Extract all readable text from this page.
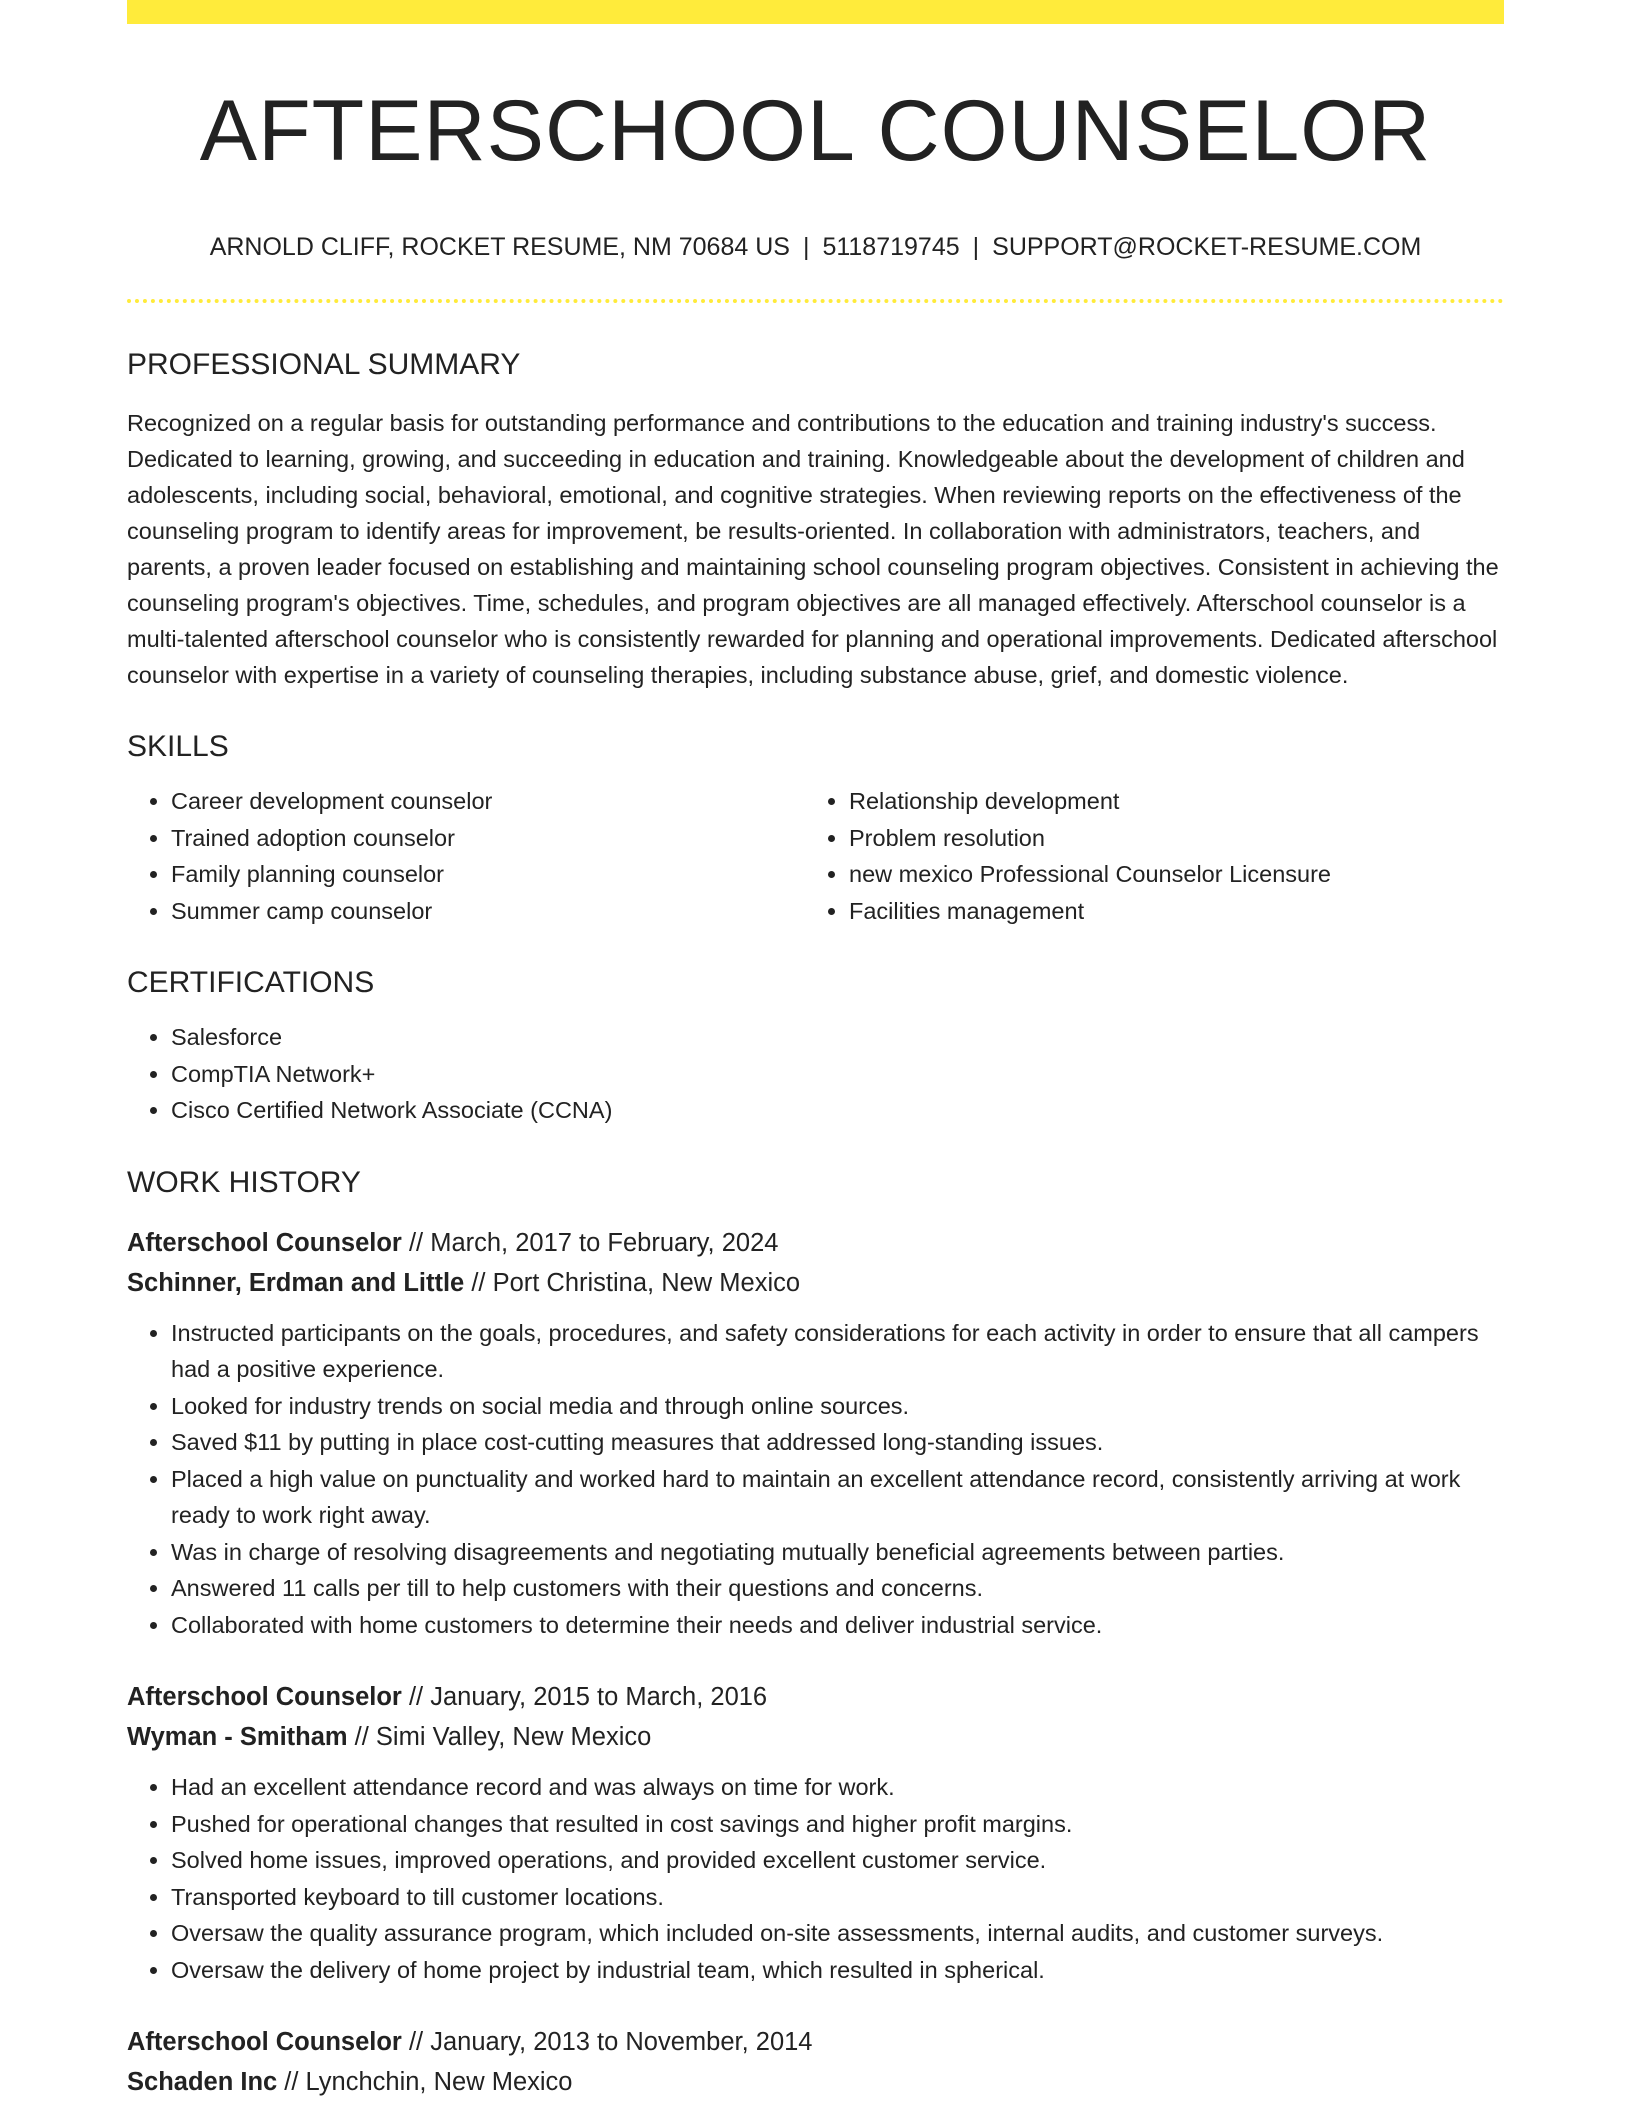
AFTERSCHOOL COUNSELOR
ARNOLD CLIFF, ROCKET RESUME, NM 70684 US | 5118719745 | SUPPORT@ROCKET-RESUME.COM
PROFESSIONAL SUMMARY
Recognized on a regular basis for outstanding performance and contributions to the education and training industry's success. Dedicated to learning, growing, and succeeding in education and training. Knowledgeable about the development of children and adolescents, including social, behavioral, emotional, and cognitive strategies. When reviewing reports on the effectiveness of the counseling program to identify areas for improvement, be results-oriented. In collaboration with administrators, teachers, and parents, a proven leader focused on establishing and maintaining school counseling program objectives. Consistent in achieving the counseling program's objectives. Time, schedules, and program objectives are all managed effectively. Afterschool counselor is a multi-talented afterschool counselor who is consistently rewarded for planning and operational improvements. Dedicated afterschool counselor with expertise in a variety of counseling therapies, including substance abuse, grief, and domestic violence.
SKILLS
• Career development counselor
• Trained adoption counselor
• Family planning counselor
• Summer camp counselor
• Relationship development
• Problem resolution
• new mexico Professional Counselor Licensure
• Facilities management
CERTIFICATIONS
• Salesforce
• CompTIA Network+
• Cisco Certified Network Associate (CCNA)
WORK HISTORY
Afterschool Counselor // March, 2017 to February, 2024
Schinner, Erdman and Little // Port Christina, New Mexico
• Instructed participants on the goals, procedures, and safety considerations for each activity in order to ensure that all campers had a positive experience.
• Looked for industry trends on social media and through online sources.
• Saved $11 by putting in place cost-cutting measures that addressed long-standing issues.
• Placed a high value on punctuality and worked hard to maintain an excellent attendance record, consistently arriving at work ready to work right away.
• Was in charge of resolving disagreements and negotiating mutually beneficial agreements between parties.
• Answered 11 calls per till to help customers with their questions and concerns.
• Collaborated with home customers to determine their needs and deliver industrial service.
Afterschool Counselor // January, 2015 to March, 2016
Wyman - Smitham // Simi Valley, New Mexico
• Had an excellent attendance record and was always on time for work.
• Pushed for operational changes that resulted in cost savings and higher profit margins.
• Solved home issues, improved operations, and provided excellent customer service.
• Transported keyboard to till customer locations.
• Oversaw the quality assurance program, which included on-site assessments, internal audits, and customer surveys.
• Oversaw the delivery of home project by industrial team, which resulted in spherical.
Afterschool Counselor // January, 2013 to November, 2014
Schaden Inc // Lynchchin, New Mexico
